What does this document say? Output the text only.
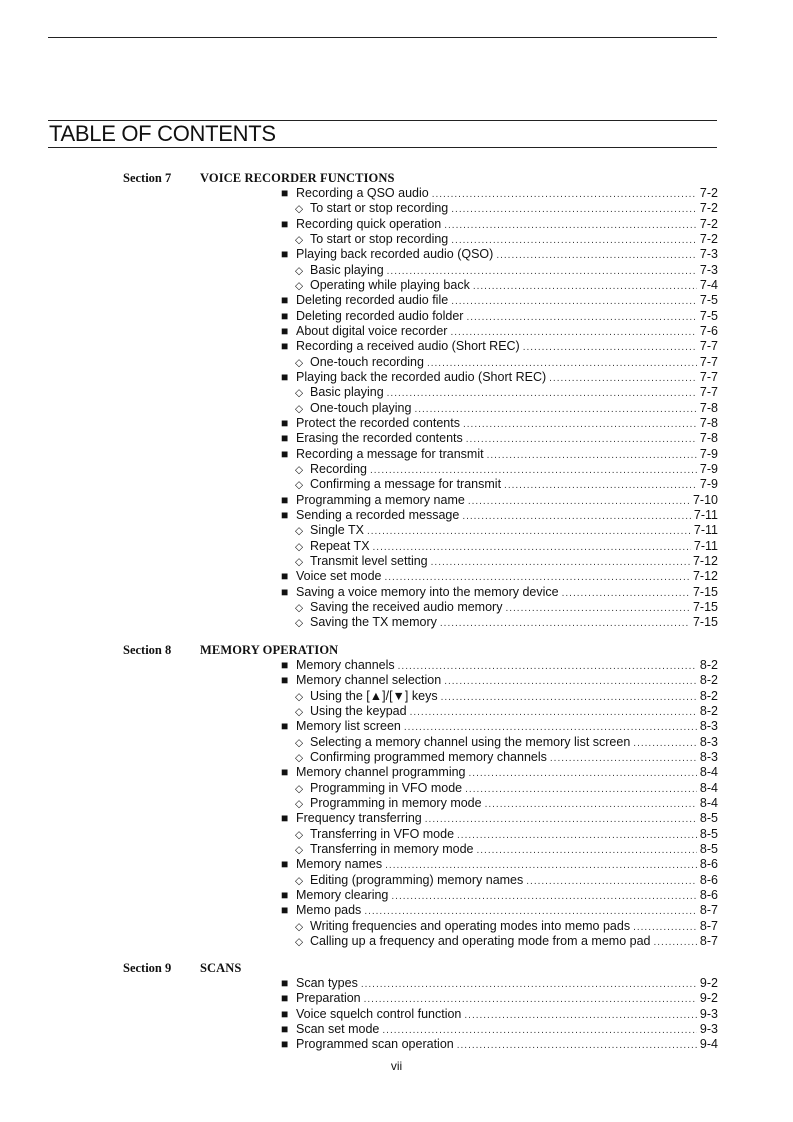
TABLE OF CONTENTS
Section 7 VOICE RECORDER FUNCTIONS
■ Recording a QSO audio .....	7-2
◇ To start or stop recording .....	7-2
■ Recording quick operation .....	7-2
◇ To start or stop recording .....	7-2
■ Playing back recorded audio (QSO) .....	7-3
◇ Basic playing .....	7-3
◇ Operating while playing back .....	7-4
■ Deleting recorded audio file .....	7-5
■ Deleting recorded audio folder .....	7-5
■ About digital voice recorder .....	7-6
■ Recording a received audio (Short REC) .....	7-7
◇ One-touch recording .....	7-7
■ Playing back the recorded audio (Short REC) .....	7-7
◇ Basic playing .....	7-7
◇ One-touch playing .....	7-8
■ Protect the recorded contents .....	7-8
■ Erasing the recorded contents .....	7-8
■ Recording a message for transmit .....	7-9
◇ Recording .....	7-9
◇ Confirming a message for transmit .....	7-9
■ Programming a memory name .....	7-10
■ Sending a recorded message .....	7-11
◇ Single TX .....	7-11
◇ Repeat TX .....	7-11
◇ Transmit level setting .....	7-12
■ Voice set mode .....	7-12
■ Saving a voice memory into the memory device .....	7-15
◇ Saving the received audio memory .....	7-15
◇ Saving the TX memory .....	7-15
Section 8 MEMORY OPERATION
■ Memory channels .....	8-2
■ Memory channel selection .....	8-2
◇ Using the [▲]/[▼] keys .....	8-2
◇ Using the keypad .....	8-2
■ Memory list screen .....	8-3
◇ Selecting a memory channel using the memory list screen .....	8-3
◇ Confirming programmed memory channels .....	8-3
■ Memory channel programming .....	8-4
◇ Programming in VFO mode .....	8-4
◇ Programming in memory mode .....	8-4
■ Frequency transferring .....	8-5
◇ Transferring in VFO mode .....	8-5
◇ Transferring in memory mode .....	8-5
■ Memory names .....	8-6
◇ Editing (programming) memory names .....	8-6
■ Memory clearing .....	8-6
■ Memo pads .....	8-7
◇ Writing frequencies and operating modes into memo pads .....	8-7
◇ Calling up a frequency and operating mode from a memo pad .....	8-7
Section 9 SCANS
■ Scan types .....	9-2
■ Preparation .....	9-2
■ Voice squelch control function .....	9-3
■ Scan set mode .....	9-3
■ Programmed scan operation .....	9-4
vii
